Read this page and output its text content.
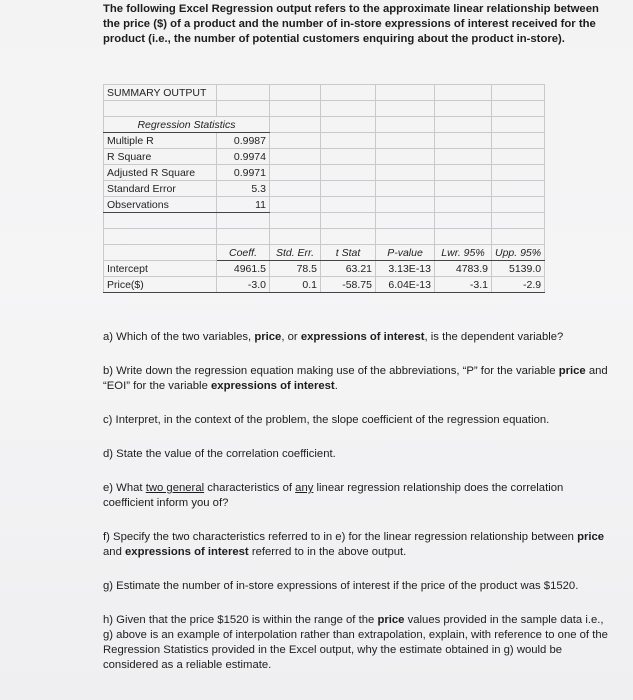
The following Excel Regression output refers to the approximate linear relationship between the price ($) of a product and the number of in-store expressions of interest received for the product (i.e., the number of potential customers enquiring about the product in-store).
SUMMARY OUTPUT						

Regression Statistics						
Multiple R	0.9987					
R Square	0.9974					
Adjusted R Square	0.9971					
Standard Error	5.3					
Observations	11					

	Coeff.	Std. Err.	t Stat	P-value	Lwr. 95%	Upp. 95%
Intercept	4961.5	78.5	63.21	3.13E-13	4783.9	5139.0
Price($)	-3.0	0.1	-58.75	6.04E-13	-3.1	-2.9

a) Which of the two variables, price, or expressions of interest, is the dependent variable?

b) Write down the regression equation making use of the abbreviations, “P” for the variable price and “EOI” for the variable expressions of interest.

c) Interpret, in the context of the problem, the slope coefficient of the regression equation.

d) State the value of the correlation coefficient.

e) What two general characteristics of any linear regression relationship does the correlation coefficient inform you of?

f) Specify the two characteristics referred to in e) for the linear regression relationship between price and expressions of interest referred to in the above output.

g) Estimate the number of in-store expressions of interest if the price of the product was $1520.

h) Given that the price $1520 is within the range of the price values provided in the sample data i.e., g) above is an example of interpolation rather than extrapolation, explain, with reference to one of the Regression Statistics provided in the Excel output, why the estimate obtained in g) would be considered as a reliable estimate.
